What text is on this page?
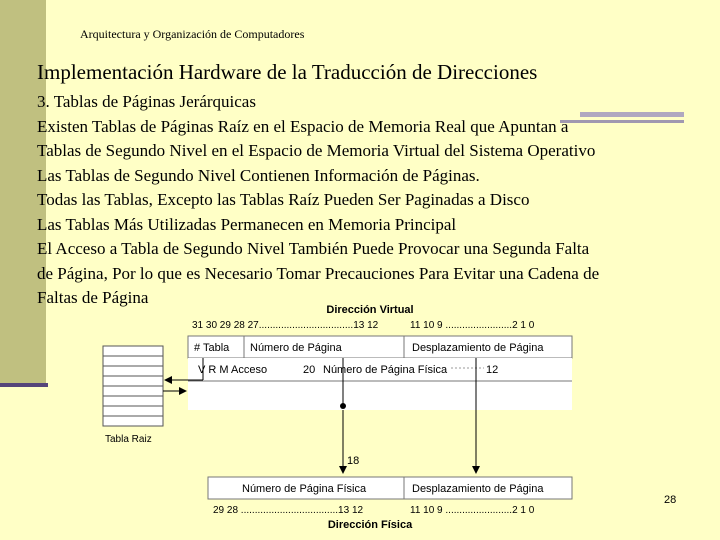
Arquitectura y Organización de Computadores
Implementación Hardware de la Traducción de Direcciones
3. Tablas de Páginas Jerárquicas
Existen Tablas de Páginas Raíz en el Espacio de Memoria Real que Apuntan a
Tablas de Segundo Nivel en el Espacio de Memoria Virtual del Sistema Operativo
Las Tablas de Segundo Nivel Contienen Información de Páginas.
Todas las Tablas, Excepto las Tablas Raíz Pueden Ser Paginadas a Disco
Las Tablas Más Utilizadas Permanecen en Memoria Principal
El Acceso a Tabla de Segundo Nivel También Puede Provocar una Segunda Falta
de Página, Por lo que es Necesario Tomar Precauciones Para Evitar una Cadena de
Faltas de Página
Dirección Virtual
31 30 29 28 27..................................13 12	11 10 9 ........................2 1 0
# Tabla Número de Página	Desplazamiento de Página
V R M Acceso	20 Número de Página Física	12
Tabla Raiz
18
Número de Página Física	Desplazamiento de Página
29 28 ...................................13 12	11 10 9 ........................2 1 0
Dirección Física
28
